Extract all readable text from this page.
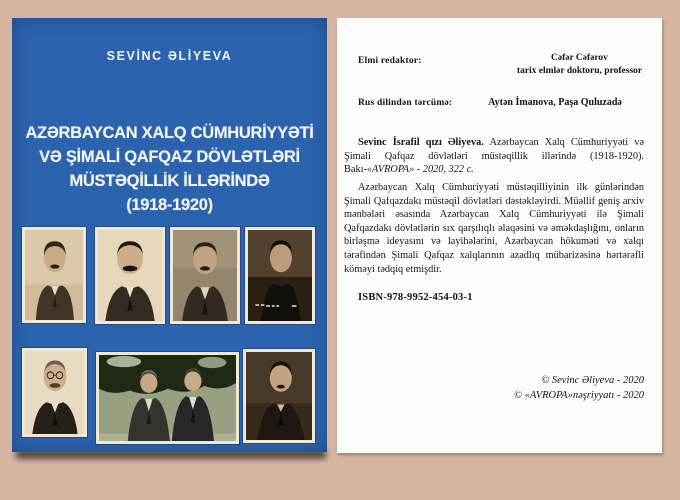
SEVİNC ƏLİYEVA
AZƏRBAYCAN XALQ CÜMHURİYYƏTİ
VƏ ŞİMALİ QAFQAZ DÖVLƏTLƏRİ
MÜSTƏQİLLİK İLLƏRİNDƏ
(1918-1920)
Elmi redaktor:	Cəfər Cəfərov
tarix elmlər doktoru, professor
Rus dilindən tərcümə:	Aytən İmanova, Paşa Quluzadə

Sevinc İsrafil qızı Əliyeva. Azərbaycan Xalq Cümhuriyyəti və Şimali Qafqaz dövlətləri müstəqillik illərində (1918-1920). Bakı-«AVROPA» - 2020, 322 c.

Azərbaycan Xalq Cümhuriyyəti müstəqilliyinin ilk günlərindən Şimali Qafqazdakı müstəqil dövlətləri dəstəkləyirdi. Müəllif geniş arxiv mənbələri əsasında Azərbaycan Xalq Cümhuriyyəti ilə Şimali Qafqazdakı dövlətlərin sıx qarşılıqlı əlaqəsini və əməkdaşlığını, onların birləşmə ideyasını və layihələrini, Azərbaycan hökuməti və xalqı tərəfindən Şimali Qafqaz xalqlarının azadlıq mübarizəsinə hərtərəfli köməyi tədqiq etmişdir.

ISBN-978-9952-454-03-1
© Sevinc Əliyeva - 2020
© «AVROPA»nəşriyyatı - 2020
